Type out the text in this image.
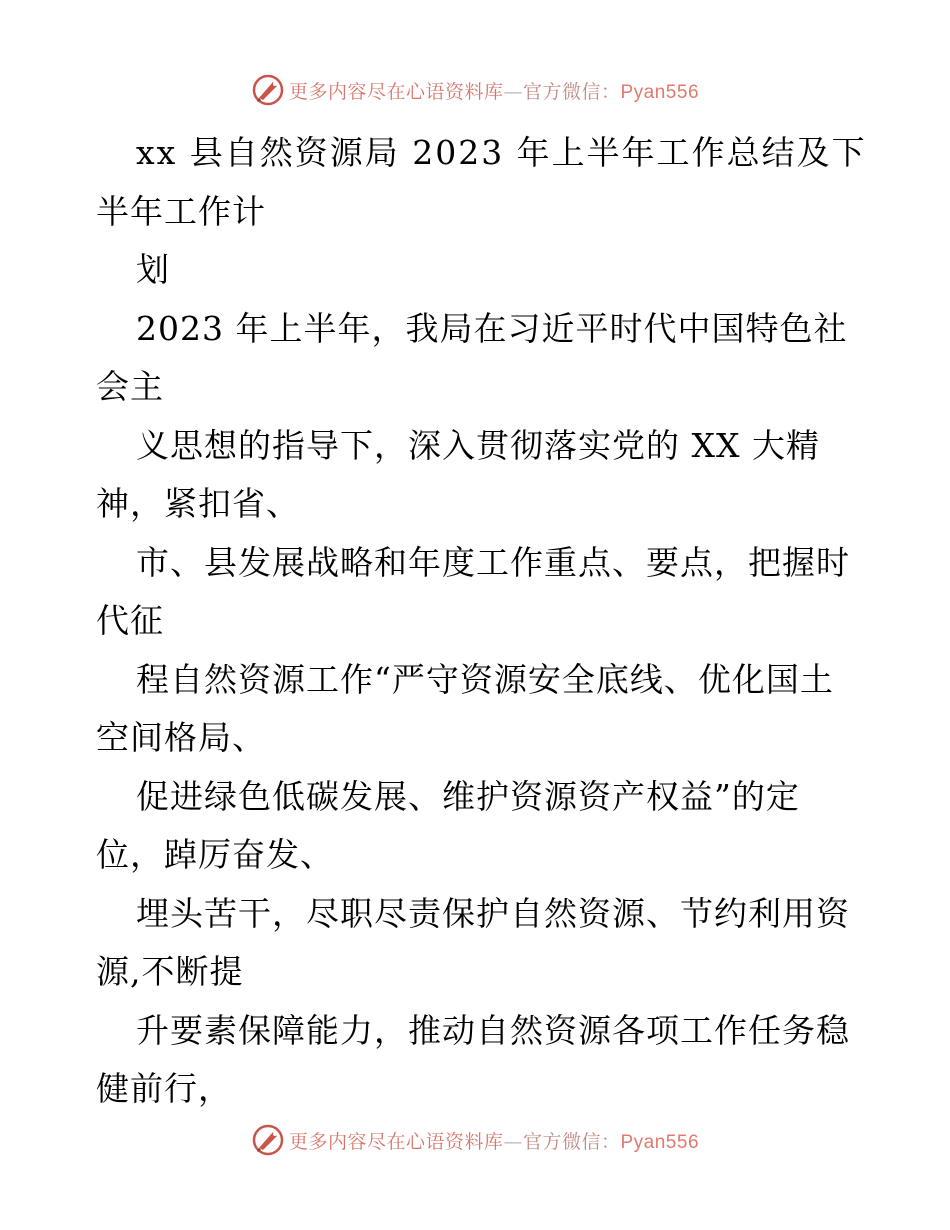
更多内容尽在心语资料库—官方微信：Pyan556
xx 县自然资源局 2023 年上半年工作总结及下
半年工作计
划
2023 年上半年，我局在习近平时代中国特色社
会主
义思想的指导下，深入贯彻落实党的 XX 大精
神，紧扣省、
市、县发展战略和年度工作重点、要点，把握时
代征
程自然资源工作“严守资源安全底线、优化国土
空间格局、
促进绿色低碳发展、维护资源资产权益”的定
位，踔厉奋发、
埋头苦干，尽职尽责保护自然资源、节约利用资
源,不断提
升要素保障能力，推动自然资源各项工作任务稳
健前行，
更多内容尽在心语资料库—官方微信：Pyan556
